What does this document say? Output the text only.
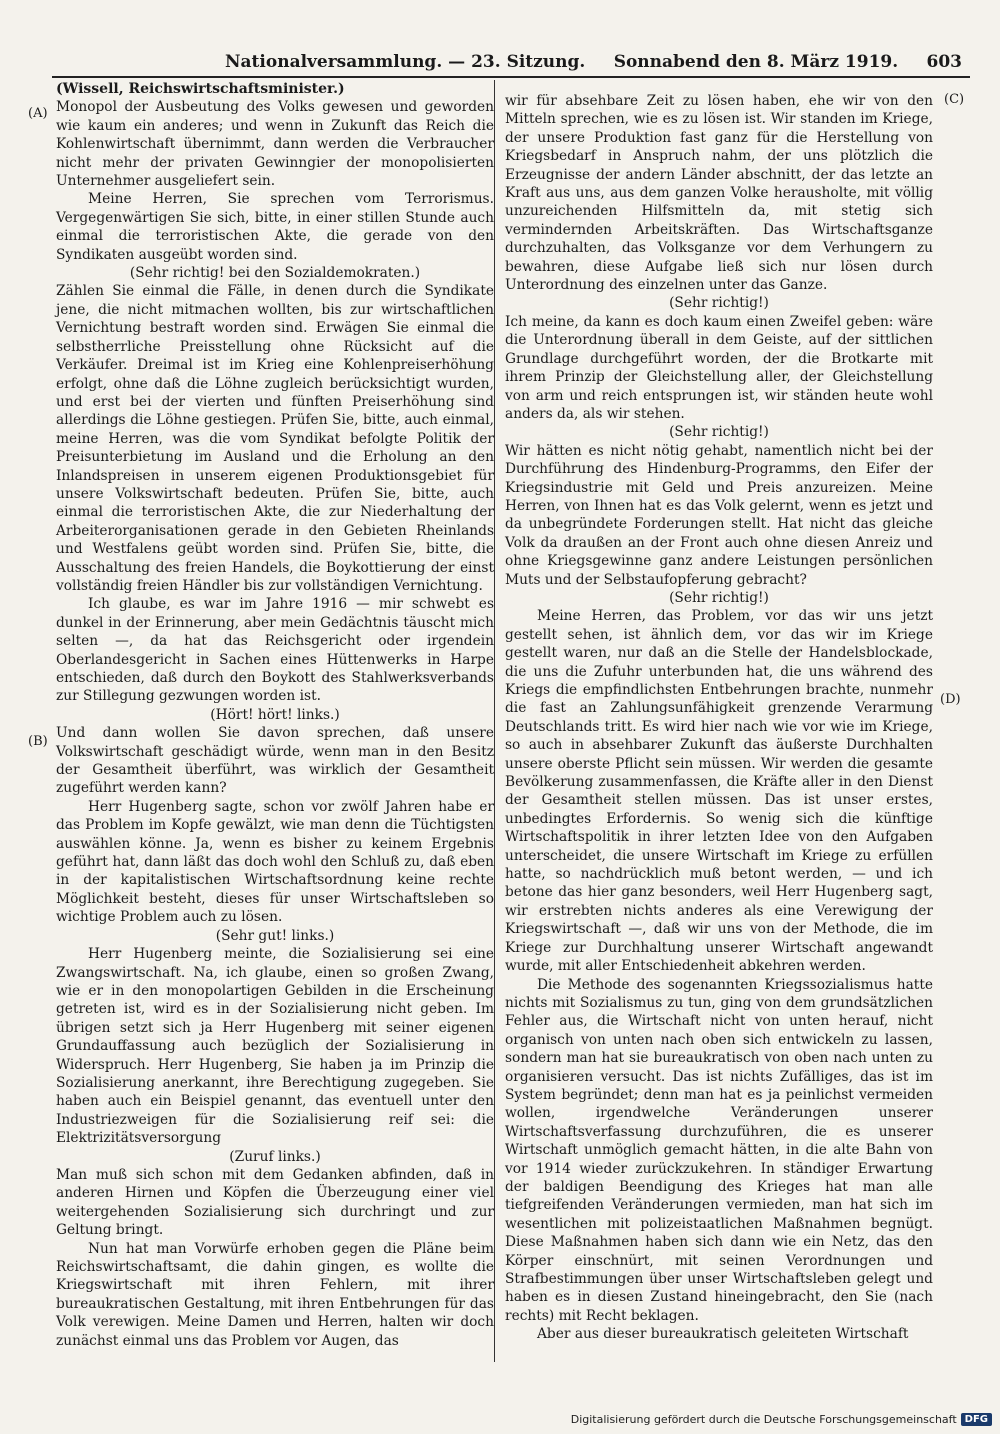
Nationalversammlung. — 23. Sitzung. Sonnabend den 8. März 1919. 603
(A)
(B)
(C)
(D)

(Wissell, Reichswirtschaftsminister.)

Monopol der Ausbeutung des Volks gewesen und geworden wie kaum ein anderes; und wenn in Zukunft das Reich die Kohlenwirtschaft übernimmt, dann werden die Verbraucher nicht mehr der privaten Gewinngier der monopolisierten Unternehmer ausgeliefert sein.

Meine Herren, Sie sprechen vom Terrorismus. Vergegenwärtigen Sie sich, bitte, in einer stillen Stunde auch einmal die terroristischen Akte, die gerade von den Syndikaten ausgeübt worden sind.

(Sehr richtig! bei den Sozialdemokraten.)

Zählen Sie einmal die Fälle, in denen durch die Syndikate jene, die nicht mitmachen wollten, bis zur wirtschaftlichen Vernichtung bestraft worden sind. Erwägen Sie einmal die selbstherrliche Preisstellung ohne Rücksicht auf die Verkäufer. Dreimal ist im Krieg eine Kohlenpreiserhöhung erfolgt, ohne daß die Löhne zugleich berücksichtigt wurden, und erst bei der vierten und fünften Preiserhöhung sind allerdings die Löhne gestiegen. Prüfen Sie, bitte, auch einmal, meine Herren, was die vom Syndikat befolgte Politik der Preisunterbietung im Ausland und die Erholung an den Inlandspreisen in unserem eigenen Produktionsgebiet für unsere Volkswirtschaft bedeuten. Prüfen Sie, bitte, auch einmal die terroristischen Akte, die zur Niederhaltung der Arbeiterorganisationen gerade in den Gebieten Rheinlands und Westfalens geübt worden sind. Prüfen Sie, bitte, die Ausschaltung des freien Handels, die Boykottierung der einst vollständig freien Händler bis zur vollständigen Vernichtung.

Ich glaube, es war im Jahre 1916 — mir schwebt es dunkel in der Erinnerung, aber mein Gedächtnis täuscht mich selten —, da hat das Reichsgericht oder irgendein Oberlandesgericht in Sachen eines Hüttenwerks in Harpe entschieden, daß durch den Boykott des Stahlwerksverbands zur Stillegung gezwungen worden ist.

(Hört! hört! links.)

Und dann wollen Sie davon sprechen, daß unsere Volkswirtschaft geschädigt würde, wenn man in den Besitz der Gesamtheit überführt, was wirklich der Gesamtheit zugeführt werden kann?

Herr Hugenberg sagte, schon vor zwölf Jahren habe er das Problem im Kopfe gewälzt, wie man denn die Tüchtigsten auswählen könne. Ja, wenn es bisher zu keinem Ergebnis geführt hat, dann läßt das doch wohl den Schluß zu, daß eben in der kapitalistischen Wirtschaftsordnung keine rechte Möglichkeit besteht, dieses für unser Wirtschaftsleben so wichtige Problem auch zu lösen.

(Sehr gut! links.)

Herr Hugenberg meinte, die Sozialisierung sei eine Zwangswirtschaft. Na, ich glaube, einen so großen Zwang, wie er in den monopolartigen Gebilden in die Erscheinung getreten ist, wird es in der Sozialisierung nicht geben. Im übrigen setzt sich ja Herr Hugenberg mit seiner eigenen Grundauffassung auch bezüglich der Sozialisierung in Widerspruch. Herr Hugenberg, Sie haben ja im Prinzip die Sozialisierung anerkannt, ihre Berechtigung zugegeben. Sie haben auch ein Beispiel genannt, das eventuell unter den Industriezweigen für die Sozialisierung reif sei: die Elektrizitätsversorgung

(Zuruf links.)

Man muß sich schon mit dem Gedanken abfinden, daß in anderen Hirnen und Köpfen die Überzeugung einer viel weitergehenden Sozialisierung sich durchringt und zur Geltung bringt.

Nun hat man Vorwürfe erhoben gegen die Pläne beim Reichswirtschaftsamt, die dahin gingen, es wollte die Kriegswirtschaft mit ihren Fehlern, mit ihrer bureaukratischen Gestaltung, mit ihren Entbehrungen für das Volk verewigen. Meine Damen und Herren, halten wir doch zunächst einmal uns das Problem vor Augen, das

wir für absehbare Zeit zu lösen haben, ehe wir von den Mitteln sprechen, wie es zu lösen ist. Wir standen im Kriege, der unsere Produktion fast ganz für die Herstellung von Kriegsbedarf in Anspruch nahm, der uns plötzlich die Erzeugnisse der andern Länder abschnitt, der das letzte an Kraft aus uns, aus dem ganzen Volke herausholte, mit völlig unzureichenden Hilfsmitteln da, mit stetig sich vermindernden Arbeitskräften. Das Wirtschaftsganze durchzuhalten, das Volksganze vor dem Verhungern zu bewahren, diese Aufgabe ließ sich nur lösen durch Unterordnung des einzelnen unter das Ganze.

(Sehr richtig!)

Ich meine, da kann es doch kaum einen Zweifel geben: wäre die Unterordnung überall in dem Geiste, auf der sittlichen Grundlage durchgeführt worden, der die Brotkarte mit ihrem Prinzip der Gleichstellung aller, der Gleichstellung von arm und reich entsprungen ist, wir ständen heute wohl anders da, als wir stehen.

(Sehr richtig!)

Wir hätten es nicht nötig gehabt, namentlich nicht bei der Durchführung des Hindenburg-Programms, den Eifer der Kriegsindustrie mit Geld und Preis anzureizen. Meine Herren, von Ihnen hat es das Volk gelernt, wenn es jetzt und da unbegründete Forderungen stellt. Hat nicht das gleiche Volk da draußen an der Front auch ohne diesen Anreiz und ohne Kriegsgewinne ganz andere Leistungen persönlichen Muts und der Selbstaufopferung gebracht?

(Sehr richtig!)

Meine Herren, das Problem, vor das wir uns jetzt gestellt sehen, ist ähnlich dem, vor das wir im Kriege gestellt waren, nur daß an die Stelle der Handelsblockade, die uns die Zufuhr unterbunden hat, die uns während des Kriegs die empfindlichsten Entbehrungen brachte, nunmehr die fast an Zahlungsunfähigkeit grenzende Verarmung Deutschlands tritt. Es wird hier nach wie vor wie im Kriege, so auch in absehbarer Zukunft das äußerste Durchhalten unsere oberste Pflicht sein müssen. Wir werden die gesamte Bevölkerung zusammenfassen, die Kräfte aller in den Dienst der Gesamtheit stellen müssen. Das ist unser erstes, unbedingtes Erfordernis. So wenig sich die künftige Wirtschaftspolitik in ihrer letzten Idee von den Aufgaben unterscheidet, die unsere Wirtschaft im Kriege zu erfüllen hatte, so nachdrücklich muß betont werden, — und ich betone das hier ganz besonders, weil Herr Hugenberg sagt, wir erstrebten nichts anderes als eine Verewigung der Kriegswirtschaft —, daß wir uns von der Methode, die im Kriege zur Durchhaltung unserer Wirtschaft angewandt wurde, mit aller Entschiedenheit abkehren werden.

Die Methode des sogenannten Kriegssozialismus hatte nichts mit Sozialismus zu tun, ging von dem grundsätzlichen Fehler aus, die Wirtschaft nicht von unten herauf, nicht organisch von unten nach oben sich entwickeln zu lassen, sondern man hat sie bureaukratisch von oben nach unten zu organisieren versucht. Das ist nichts Zufälliges, das ist im System begründet; denn man hat es ja peinlichst vermeiden wollen, irgendwelche Veränderungen unserer Wirtschaftsverfassung durchzuführen, die es unserer Wirtschaft unmöglich gemacht hätten, in die alte Bahn von vor 1914 wieder zurückzukehren. In ständiger Erwartung der baldigen Beendigung des Krieges hat man alle tiefgreifenden Veränderungen vermieden, man hat sich im wesentlichen mit polizeistaatlichen Maßnahmen begnügt. Diese Maßnahmen haben sich dann wie ein Netz, das den Körper einschnürt, mit seinen Verordnungen und Strafbestimmungen über unser Wirtschaftsleben gelegt und haben es in diesen Zustand hineingebracht, den Sie (nach rechts) mit Recht beklagen.

Aber aus dieser bureaukratisch geleiteten Wirtschaft

Digitalisierung gefördert durch die Deutsche Forschungsgemeinschaft DFG
